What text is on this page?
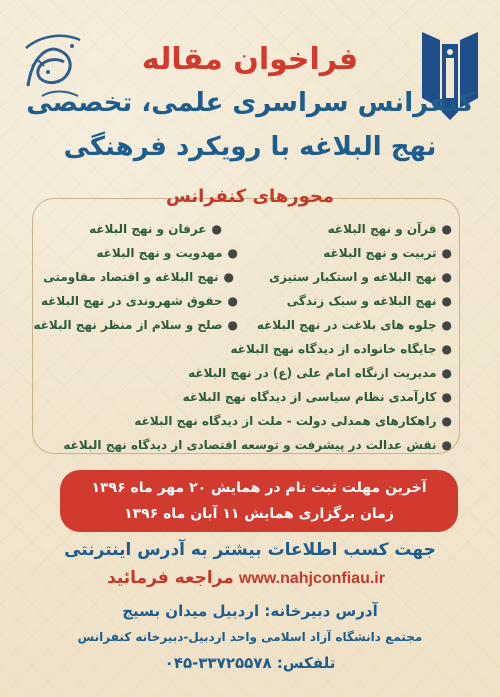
فراخوان مقاله
کنفرانس سراسری علمی، تخصصی
نهج البلاغه با رویکرد فرهنگی
محورهای کنفرانس
●قرآن و نهج البلاغه
●عرفان و نهج البلاغه
●تربیت و نهج البلاغه
●مهدویت و نهج البلاغه
●نهج البلاغه و استکبار ستیزی
●نهج البلاغه و اقتصاد مقاومتی
●نهج البلاغه و سبک زندگی
●حقوق شهروندی در نهج البلاغه
●جلوه های بلاغت در نهج البلاغه
●صلح و سلام از منظر نهج البلاغه
●جایگاه خانواده از دیدگاه نهج البلاغه
●مدیریت ازنگاه امام علی (ع) در نهج البلاغه
●کارآمدی نظام سیاسی از دیدگاه نهج البلاغه
●راهکارهای همدلی دولت - ملت از دیدگاه نهج البلاغه
●نقش عدالت در پیشرفت و توسعه اقتصادی از دیدگاه نهج البلاغه
آخرین مهلت ثبت نام در همایش ۲۰ مهر ماه ۱۳۹۶
زمان برگزاری همایش ۱۱ آبان ماه ۱۳۹۶
جهت کسب اطلاعات بیشتر به آدرس اینترنتی
www.nahjconfiau.ir مراجعه فرمائید
آدرس دبیرخانه: اردبیل میدان بسیج
مجتمع دانشگاه آزاد اسلامی واحد اردبیل-دبیرخانه کنفرانس
تلفکس: ۳۳۷۲۵۵۷۸-۰۴۵
